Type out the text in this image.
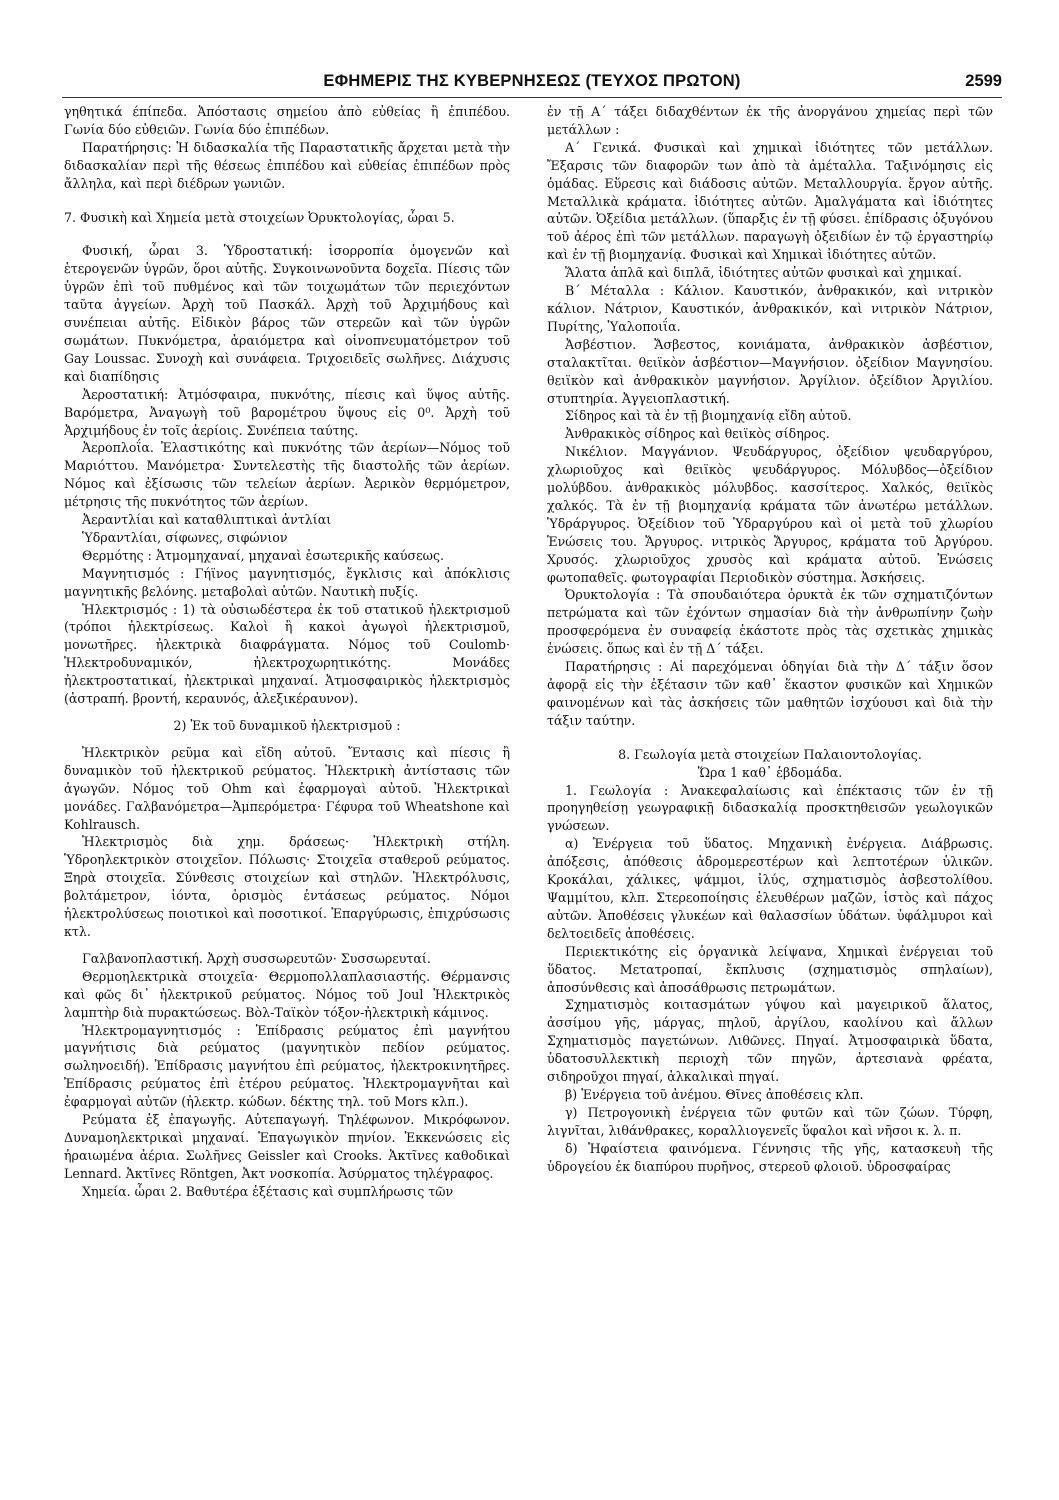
ΕΦΗΜΕΡΙΣ ΤΗΣ ΚΥΒΕΡΝΗΣΕΩΣ (ΤΕΥΧΟΣ ΠΡΩΤΟΝ)	2599

γηθητικά έπίπεδα. Ἀπόστασις σημείου ἀπὸ εὐθείας ἢ ἐπιπέδου. Γωνία δύο εὐθειῶν. Γωνία δύο ἐπιπέδων.

Παρατήρησις: Ἡ διδασκαλία τῆς Παραστατικῆς ἄρχεται μετὰ τὴν διδασκαλίαν περὶ τῆς θέσεως ἐπιπέδου καὶ εὐθείας ἐπιπέδων πρὸς ἄλληλα, καὶ περὶ διέδρων γωνιῶν.

7. Φυσικὴ καὶ Χημεία μετὰ στοιχείων Ὀρυκτολογίας, ὧραι 5.

Φυσική, ὧραι 3. Ὑδροστατική: ἰσορροπία ὁμογενῶν καὶ ἑτερογενῶν ὑγρῶν, ὅροι αὐτῆς. Συγκοινωνοῦντα δοχεῖα. Πίεσις τῶν ὑγρῶν ἐπὶ τοῦ πυθμένος καὶ τῶν τοιχωμάτων τῶν περιεχόντων ταῦτα ἀγγείων. Ἀρχὴ τοῦ Πασκάλ. Ἀρχὴ τοῦ Ἀρχιμήδους καὶ συνέπειαι αὐτῆς. Εἰδικὸν βάρος τῶν στερεῶν καὶ τῶν ὑγρῶν σωμάτων. Πυκνόμετρα, ἀραιόμετρα καὶ οἰνοπνευματόμετρον τοῦ Gay Loussac. Συνοχὴ καὶ συνάφεια. Τριχοειδεῖς σωλῆνες. Διάχυσις καὶ διαπίδησις

Ἀεροστατική: Ἀτμόσφαιρα, πυκνότης, πίεσις καὶ ὕψος αὐτῆς. Βαρόμετρα, Ἀναγωγὴ τοῦ βαρομέτρου ὕψους εἰς 0⁰. Ἀρχὴ τοῦ Ἀρχιμήδους ἐν τοῖς ἀερίοις. Συνέπεια ταύτης.

Ἀεροπλοΐα. Ἐλαστικότης καὶ πυκνότης τῶν ἀερίων—Νόμος τοῦ Μαριόττου. Μανόμετρα· Συντελεστὴς τῆς διαστολῆς τῶν ἀερίων. Νόμος καὶ ἐξίσωσις τῶν τελείων ἀερίων. Ἀερικὸν θερμόμετρον, μέτρησις τῆς πυκνότητος τῶν ἀερίων.

Ἀεραντλίαι καὶ καταθλιπτικαὶ ἀντλίαι

Ὑδραντλίαι, σίφωνες, σιφώνιον

Θερμότης : Ἀτμομηχαναί, μηχαναὶ ἐσωτερικῆς καύσεως.

Μαγνητισμός : Γήϊνος μαγνητισμός, ἔγκλισις καὶ ἀπόκλισις μαγνητικῆς βελόνης. μεταβολαὶ αὐτῶν. Ναυτικὴ πυξίς.

Ἠλεκτρισμός : 1) τὰ οὐσιωδέστερα ἐκ τοῦ στατικοῦ ἠλεκτρισμοῦ (τρόποι ἠλεκτρίσεως. Καλοὶ ἢ κακοὶ ἀγωγοὶ ἠλεκτρισμοῦ, μονωτῆρες. ἠλεκτρικὰ διαφράγματα. Νόμος τοῦ Coulomb· Ἠλεκτροδυναμικόν, ἠλεκτροχωρητικότης. Μονάδες ἠλεκτροστατικαί, ἠλεκτρικαὶ μηχαναί. Ἀτμοσφαιρικὸς ἠλεκτρισμὸς (ἀστραπή. βροντή, κεραυνός, ἀλεξικέραυνον).

2) Ἐκ τοῦ δυναμικοῦ ἠλεκτρισμοῦ :

Ἠλεκτρικὸν ρεῦμα καὶ εἴδη αὐτοῦ. Ἔντασις καὶ πίεσις ἢ δυναμικὸν τοῦ ἠλεκτρικοῦ ρεύματος. Ἠλεκτρικὴ ἀντίστασις τῶν ἀγωγῶν. Νόμος τοῦ Ohm καὶ ἐφαρμογαὶ αὐτοῦ. Ἠλεκτρικαὶ μονάδες. Γαλβανόμετρα—Ἀμπερόμετρα· Γέφυρα τοῦ Wheatshone καὶ Kohlrausch.

Ἠλεκτρισμὸς διὰ χημ. δράσεως· Ἠλεκτρικὴ στήλη. Ὑδροηλεκτρικὸν στοιχεῖον. Πόλωσις· Στοιχεῖα σταθεροῦ ρεύματος. Ξηρὰ στοιχεῖα. Σύνθεσις στοιχείων καὶ στηλῶν. Ἠλεκτρόλυσις, βολτάμετρον, ἰόντα, ὁρισμὸς ἐντάσεως ρεύματος. Νόμοι ἠλεκτρολύσεως ποιοτικοὶ καὶ ποσοτικοί. Ἐπαργύρωσις, ἐπιχρύσωσις κτλ.

Γαλβανοπλαστική. Ἀρχὴ συσσωρευτῶν· Συσσωρευταί.

Θερμοηλεκτρικὰ στοιχεῖα· Θερμοπολλαπλασιαστής. Θέρμανσις καὶ φῶς δι᾽ ἠλεκτρικοῦ ρεύματος. Νόμος τοῦ Joul Ἠλεκτρικὸς λαμπτὴρ διὰ πυρακτώσεως. Βὸλ-Ταϊκὸν τόξον-ἠλεκτρικὴ κάμινος.

Ἠλεκτρομαγνητισμός : Ἐπίδρασις ρεύματος ἐπὶ μαγνήτου μαγνήτισις διὰ ρεύματος (μαγνητικὸν πεδίον ρεύματος. σωληνοειδή). Ἐπίδρασις μαγνήτου ἐπὶ ρεύματος, ἠλεκτροκινητῆρες. Ἐπίδρασις ρεύματος ἐπὶ ἑτέρου ρεύματος. Ἠλεκτρομαγνῆται καὶ ἐφαρμογαὶ αὐτῶν (ἠλεκτρ. κώδων. δέκτης τηλ. τοῦ Mors κλπ.).

Ρεύματα ἐξ ἐπαγωγῆς. Αὐτεπαγωγή. Τηλέφωνον. Μικρόφωνον. Δυναμοηλεκτρικαὶ μηχαναί. Ἐπαγωγικὸν πηνίον. Ἐκκενώσεις εἰς ἠραιωμένα ἀέρια. Σωλῆνες Geissler καὶ Crooks. Ἀκτῖνες καθοδικαὶ Lennard. Ἀκτῖνες Röntgen, Ἀκτ νοσκοπία. Ἀσύρματος τηλέγραφος.

Χημεία. ὧραι 2. Βαθυτέρα ἐξέτασις καὶ συμπλήρωσις τῶν

ἐν τῇ Α΄ τάξει διδαχθέντων ἐκ τῆς ἀνοργάνου χημείας περὶ τῶν μετάλλων :

Α΄ Γενικά. Φυσικαὶ καὶ χημικαὶ ἰδιότητες τῶν μετάλλων. Ἔξαρσις τῶν διαφορῶν των ἀπὸ τὰ ἀμέταλλα. Ταξινόμησις εἰς ὁμάδας. Εὕρεσις καὶ διάδοσις αὐτῶν. Μεταλλουργία. ἔργον αὐτῆς. Μεταλλικὰ κράματα. ἰδιότητες αὐτῶν. Ἀμαλγάματα καὶ ἰδιότητες αὐτῶν. Ὀξείδια μετάλλων. (ὕπαρξις ἐν τῇ φύσει. ἐπίδρασις ὀξυγόνου τοῦ ἀέρος ἐπὶ τῶν μετάλλων. παραγωγὴ ὀξειδίων ἐν τῷ ἐργαστηρίῳ καὶ ἐν τῇ βιομηχανίᾳ. Φυσικαὶ καὶ Χημικαὶ ἰδιότητες αὐτῶν.

Ἅλατα ἁπλᾶ καὶ διπλᾶ, ἰδιότητες αὐτῶν φυσικαὶ καὶ χημικαί.

Β΄ Μέταλλα : Κάλιον. Καυστικόν, ἀνθρακικόν, καὶ νιτρικὸν κάλιον. Νάτριον, Καυστικόν, ἀνθρακικόν, καὶ νιτρικὸν Νάτριον, Πυρίτης, Ὑαλοποιΐα.

Ἀσβέστιον. Ἄσβεστος, κονιάματα, ἀνθρακικὸν ἀσβέστιον, σταλακτῖται. θειϊκὸν ἀσβέστιον—Μαγνήσιον. ὀξείδιον Μαγνησίου. θειϊκὸν καὶ ἀνθρακικὸν μαγνήσιον. Ἀργίλιον. ὀξείδιον Ἀργιλίου. στυπτηρία. Ἀγγειοπλαστική.

Σίδηρος καὶ τὰ ἐν τῇ βιομηχανίᾳ εἴδη αὐτοῦ.

Ἀνθρακικὸς σίδηρος καὶ θειϊκὸς σίδηρος.

Νικέλιον. Μαγγάνιον. Ψευδάργυρος, ὀξείδιον ψευδαργύρου, χλωριοῦχος καὶ θειϊκὸς ψευδάργυρος. Μόλυβδος—ὀξείδιον μολύβδου. ἀνθρακικὸς μόλυβδος. κασσίτερος. Χαλκός, θειϊκὸς χαλκός. Τὰ ἐν τῇ βιομηχανίᾳ κράματα τῶν ἀνωτέρω μετάλλων. Ὑδράργυρος. Ὀξείδιον τοῦ Ὑδραργύρου καὶ οἱ μετὰ τοῦ χλωρίου Ἑνώσεις του. Ἄργυρος. νιτρικὸς Ἄργυρος, κράματα τοῦ Ἀργύρου. Χρυσός. χλωριοῦχος χρυσὸς καὶ κράματα αὐτοῦ. Ἑνώσεις φωτοπαθεῖς. φωτογραφίαι Περιοδικὸν σύστημα. Ἀσκήσεις.

Ὀρυκτολογία : Τὰ σπουδαιότερα ὀρυκτὰ ἐκ τῶν σχηματιζόντων πετρώματα καὶ τῶν ἐχόντων σημασίαν διὰ τὴν ἀνθρωπίνην ζωὴν προσφερόμενα ἐν συναφείᾳ ἑκάστοτε πρὸς τὰς σχετικὰς χημικὰς ἑνώσεις. ὅπως καὶ ἐν τῇ Δ΄ τάξει.

Παρατήρησις : Αἱ παρεχόμεναι ὁδηγίαι διὰ τὴν Δ΄ τάξιν ὅσον ἀφορᾷ εἰς τὴν ἐξέτασιν τῶν καθ᾽ ἕκαστον φυσικῶν καὶ Χημικῶν φαινομένων καὶ τὰς ἀσκήσεις τῶν μαθητῶν ἰσχύουσι καὶ διὰ τὴν τάξιν ταύτην.

8. Γεωλογία μετὰ στοιχείων Παλαιοντολογίας.

Ὥρα 1 καθ᾽ ἑβδομάδα.

1. Γεωλογία : Ἀνακεφαλαίωσις καὶ ἐπέκτασις τῶν ἐν τῇ προηγηθείσῃ γεωγραφικῇ διδασκαλίᾳ προσκτηθεισῶν γεωλογικῶν γνώσεων.

α) Ἐνέργεια τοῦ ὕδατος. Μηχανικὴ ἐνέργεια. Διάβρωσις. ἀπόξεσις, ἀπόθεσις ἀδρομερεστέρων καὶ λεπτοτέρων ὑλικῶν. Κροκάλαι, χάλικες, ψάμμοι, ἰλύς, σχηματισμὸς ἀσβεστολίθου. Ψαμμίτου, κλπ. Στερεοποίησις ἐλευθέρων μαζῶν, ἱστὸς καὶ πάχος αὐτῶν. Ἀποθέσεις γλυκέων καὶ θαλασσίων ὑδάτων. ὑφάλμυροι καὶ δελτοειδεῖς ἀποθέσεις.

Περιεκτικότης εἰς ὀργανικὰ λείψανα, Χημικαὶ ἐνέργειαι τοῦ ὕδατος. Μετατροπαί, ἔκπλυσις (σχηματισμὸς σπηλαίων), ἀποσύνθεσις καὶ ἀποσάθρωσις πετρωμάτων.

Σχηματισμὸς κοιτασμάτων γύψου καὶ μαγειρικοῦ ἅλατος, ἀσσίμου γῆς, μάργας, πηλοῦ, ἀργίλου, καολίνου καὶ ἄλλων Σχηματισμὸς παγετώνων. Λιθῶνες. Πηγαί. Ἀτμοσφαιρικὰ ὕδατα, ὑδατοσυλλεκτικὴ περιοχὴ τῶν πηγῶν, ἀρτεσιανὰ φρέατα, σιδηροῦχοι πηγαί, ἀλκαλικαὶ πηγαί.

β) Ἐνέργεια τοῦ ἀνέμου. Θῖνες ἀποθέσεις κλπ.

γ) Πετρογονικὴ ἐνέργεια τῶν φυτῶν καὶ τῶν ζώων. Τύρφη, λιγνῖται, λιθάνθρακες, κοραλλιογενεῖς ὕφαλοι καὶ νῆσοι κ. λ. π.

δ) Ἡφαίστεια φαινόμενα. Γέννησις τῆς γῆς, κατασκευὴ τῆς ὑδρογείου ἐκ διαπύρου πυρῆνος, στερεοῦ φλοιοῦ. ὑδροσφαίρας
